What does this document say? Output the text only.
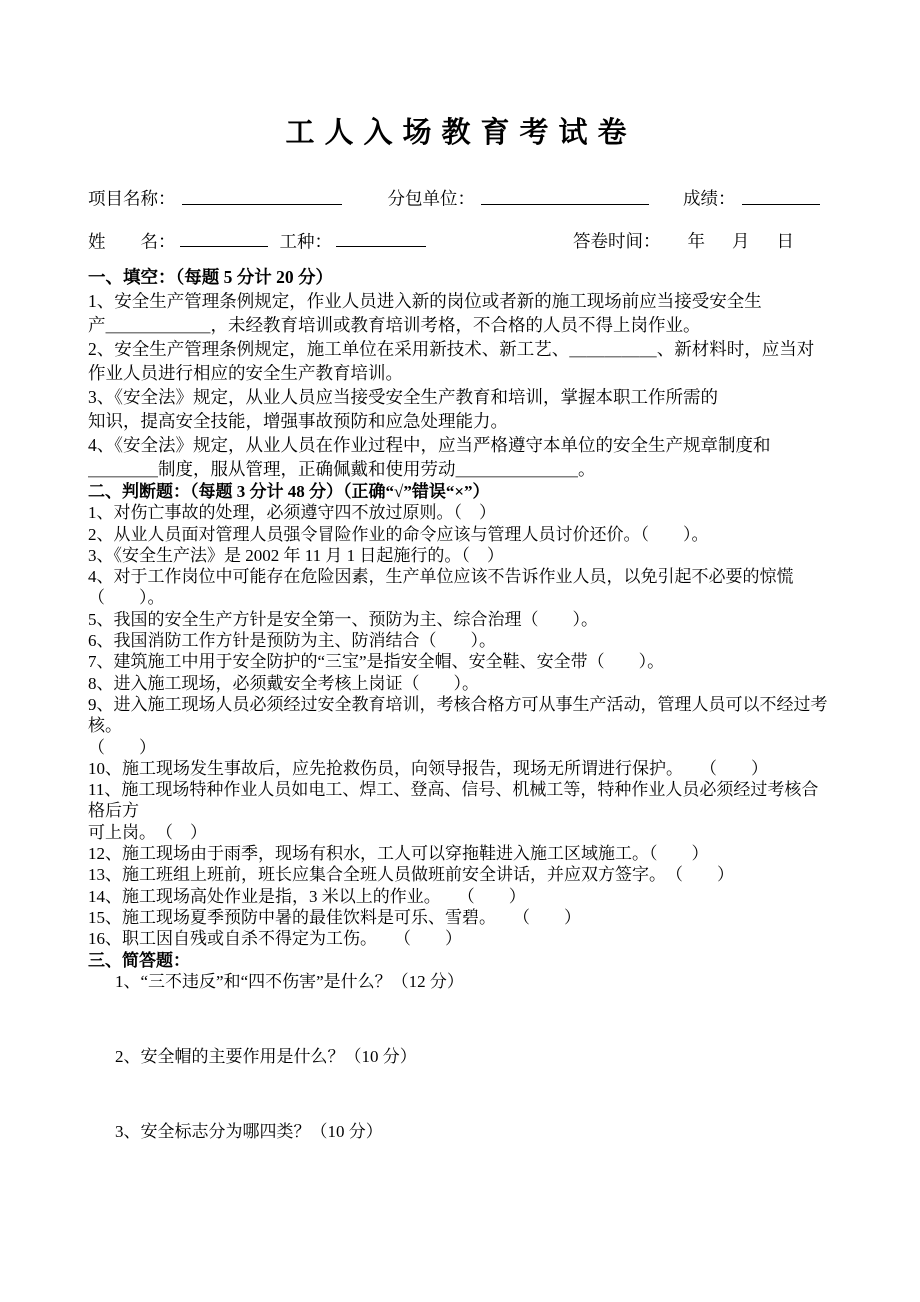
工人入场教育考试卷
项目名称：	分包单位：	成绩：
姓　　名：	工种：	答卷时间： 年 月 日
一、填空：（每题 5 分计 20 分）
1、安全生产管理条例规定，作业人员进入新的岗位或者新的施工现场前应当接受安全生
产＿＿＿＿＿＿，未经教育培训或教育培训考格，不合格的人员不得上岗作业。
2、安全生产管理条例规定，施工单位在采用新技术、新工艺、＿＿＿＿＿、新材料时，应当对
作业人员进行相应的安全生产教育培训。
3、《安全法》规定，从业人员应当接受安全生产教育和培训，掌握本职工作所需的
知识，提高安全技能，增强事故预防和应急处理能力。
4、《安全法》规定，从业人员在作业过程中，应当严格遵守本单位的安全生产规章制度和
＿＿＿＿制度，服从管理，正确佩戴和使用劳动＿＿＿＿＿＿＿。
二、判断题：（每题 3 分计 48 分）（正确“√”错误“×”）
1、对伤亡事故的处理，必须遵守四不放过原则。（　）
2、从业人员面对管理人员强令冒险作业的命令应该与管理人员讨价还价。（　　）。
3、《安全生产法》是 2002 年 11 月 1 日起施行的。（　）
4、对于工作岗位中可能存在危险因素，生产单位应该不告诉作业人员，以免引起不必要的惊慌（　　）。
5、我国的安全生产方针是安全第一、预防为主、综合治理（　　）。
6、我国消防工作方针是预防为主、防消结合（　　）。
7、建筑施工中用于安全防护的“三宝”是指安全帽、安全鞋、安全带（　　）。
8、进入施工现场，必须戴安全考核上岗证（　　）。
9、进入施工现场人员必须经过安全教育培训，考核合格方可从事生产活动，管理人员可以不经过考核。
（　　）
10、施工现场发生事故后，应先抢救伤员，向领导报告，现场无所谓进行保护。　　（　　）
11、施工现场特种作业人员如电工、焊工、登高、信号、机械工等，特种作业人员必须经过考核合格后方
可上岗。　（　）
12、施工现场由于雨季，现场有积水，工人可以穿拖鞋进入施工区域施工。（　　）
13、施工班组上班前，班长应集合全班人员做班前安全讲话，并应双方签字。　（　　）
14、施工现场高处作业是指，3 米以上的作业。　　（　　）
15、施工现场夏季预防中暑的最佳饮料是可乐、雪碧。　　（　　）
16、职工因自残或自杀不得定为工伤。　　（　　）
三、简答题：
1、“三不违反”和“四不伤害”是什么？（12 分）
2、安全帽的主要作用是什么？（10 分）
3、安全标志分为哪四类？（10 分）
